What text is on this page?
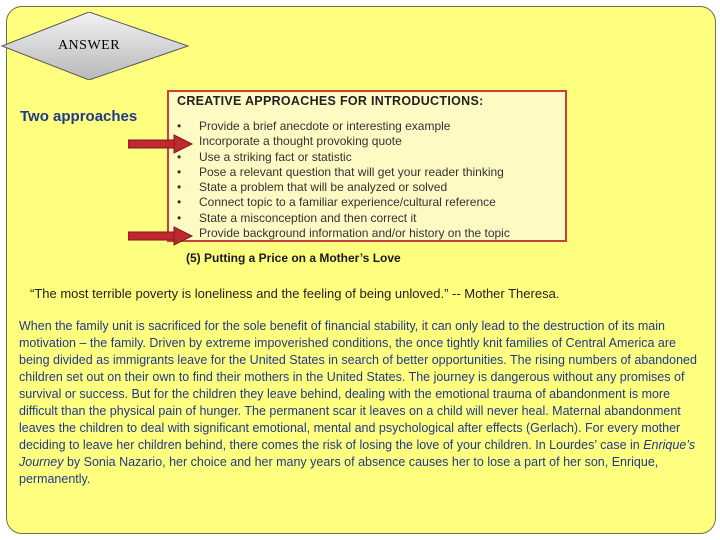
ANSWER
Two approaches
CREATIVE APPROACHES FOR INTRODUCTIONS:
• Provide a brief anecdote or interesting example
Incorporate a thought provoking quote
• Use a striking fact or statistic
• Pose a relevant question that will get your reader thinking
• State a problem that will be analyzed or solved
• Connect topic to a familiar experience/cultural reference
• State a misconception and then correct it
Provide background information and/or history on the topic
(5) Putting a Price on a Mother’s Love
“The most terrible poverty is loneliness and the feeling of being unloved.” -- Mother Theresa.

When the family unit is sacrificed for the sole benefit of financial stability, it can only lead to the destruction of its main motivation – the family. Driven by extreme impoverished conditions, the once tightly knit families of Central America are being divided as immigrants leave for the United States in search of better opportunities. The rising numbers of abandoned children set out on their own to find their mothers in the United States. The journey is dangerous without any promises of survival or success. But for the children they leave behind, dealing with the emotional trauma of abandonment is more difficult than the physical pain of hunger. The permanent scar it leaves on a child will never heal. Maternal abandonment leaves the children to deal with significant emotional, mental and psychological after effects (Gerlach). For every mother deciding to leave her children behind, there comes the risk of losing the love of your children. In Lourdes’ case in Enrique’s Journey by Sonia Nazario, her choice and her many years of absence causes her to lose a part of her son, Enrique, permanently.
